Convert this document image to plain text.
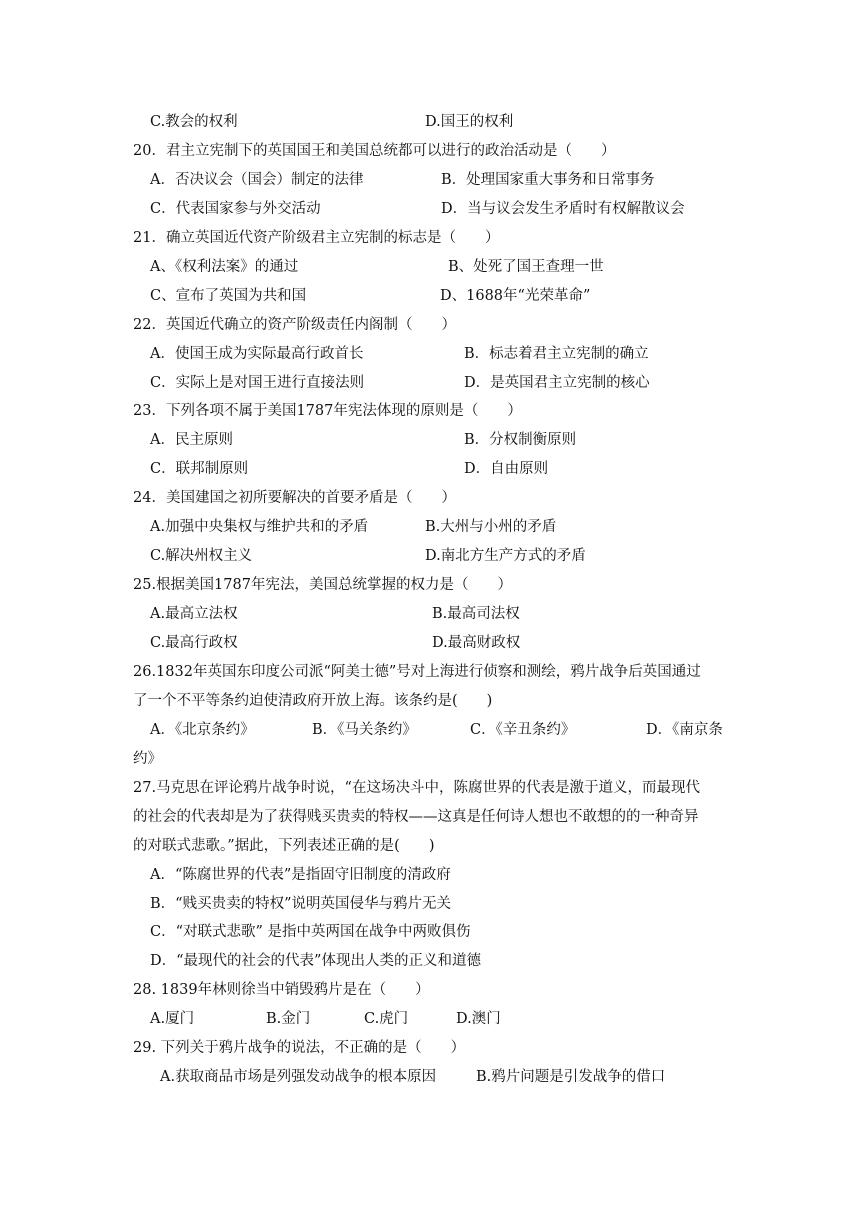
C.教会的权利	D.国王的权利
20．君主立宪制下的英国国王和美国总统都可以进行的政治活动是（　　）
A．否决议会（国会）制定的法律	B．处理国家重大事务和日常事务
C．代表国家参与外交活动	D．当与议会发生矛盾时有权解散议会
21．确立英国近代资产阶级君主立宪制的标志是（　　）
A、《权利法案》的通过	B、处死了国王查理一世
C、宣布了英国为共和国	D、1688年“光荣革命”
22．英国近代确立的资产阶级责任内阁制（　　）
A．使国王成为实际最高行政首长	B．标志着君主立宪制的确立
C．实际上是对国王进行直接法则	D．是英国君主立宪制的核心
23．下列各项不属于美国1787年宪法体现的原则是（　　）
A．民主原则	B．分权制衡原则
C．联邦制原则	D．自由原则
24．美国建国之初所要解决的首要矛盾是（　　）
A.加强中央集权与维护共和的矛盾	B.大州与小州的矛盾
C.解决州权主义	D.南北方生产方式的矛盾
25.根据美国1787年宪法，美国总统掌握的权力是（　　）
A.最高立法权	B.最高司法权
C.最高行政权	D.最高财政权
26.1832年英国东印度公司派“阿美士德”号对上海进行侦察和测绘，鸦片战争后英国通过
了一个不平等条约迫使清政府开放上海。该条约是(　　)
A．《北京条约》	B．《马关条约》	C．《辛丑条约》	D．《南京条
约》
27.马克思在评论鸦片战争时说，“在这场决斗中，陈腐世界的代表是激于道义，而最现代
的社会的代表却是为了获得贱买贵卖的特权——这真是任何诗人想也不敢想的的一种奇异
的对联式悲歌。”据此，下列表述正确的是(　　)
A．“陈腐世界的代表”是指固守旧制度的清政府
B．“贱买贵卖的特权”说明英国侵华与鸦片无关
C．“对联式悲歌” 是指中英两国在战争中两败俱伤
D．“最现代的社会的代表”体现出人类的正义和道德
28. 1839年林则徐当中销毁鸦片是在（　　）
A.厦门	B.金门	C.虎门	D.澳门
29. 下列关于鸦片战争的说法，不正确的是（　　）
A.获取商品市场是列强发动战争的根本原因	B.鸦片问题是引发战争的借口
